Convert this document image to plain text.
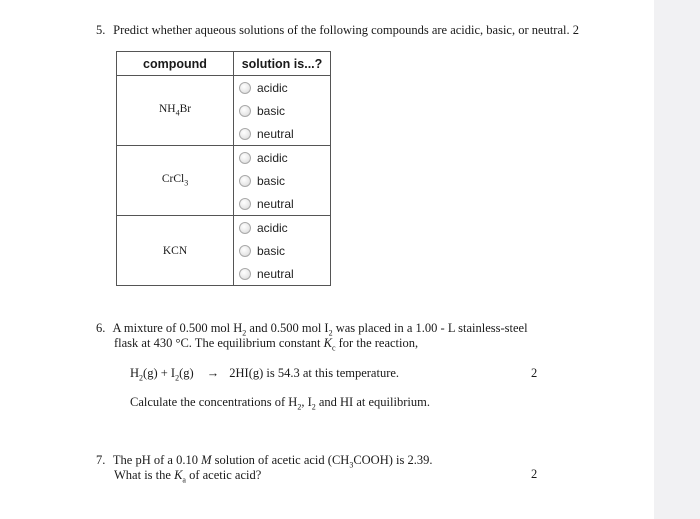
5. Predict whether aqueous solutions of the following compounds are acidic, basic, or neutral. 2
compound	solution is...?
$NH_4Br$	acidic
basic
neutral

CrCl$_3$	acidic
basic
neutral

KCN	acidic
basic
neutral
6. A mixture of 0.500 mol $H_2$ and 0.500 mol $I_2$ was placed in a 1.00 - L stainless-steel
flask at 430 °C. The equilibrium constant $K_c$ for the reaction,
$H_2(g) + I_2(g) \to 2HI(g)$ is 54.3 at this temperature.	2
Calculate the concentrations of $H_2$, $I_2$ and HI at equilibrium.
7. The pH of a 0.10 M solution of acetic acid $(CH_3COOH)$ is 2.39.
What is the $K_a$ of acetic acid?	2
